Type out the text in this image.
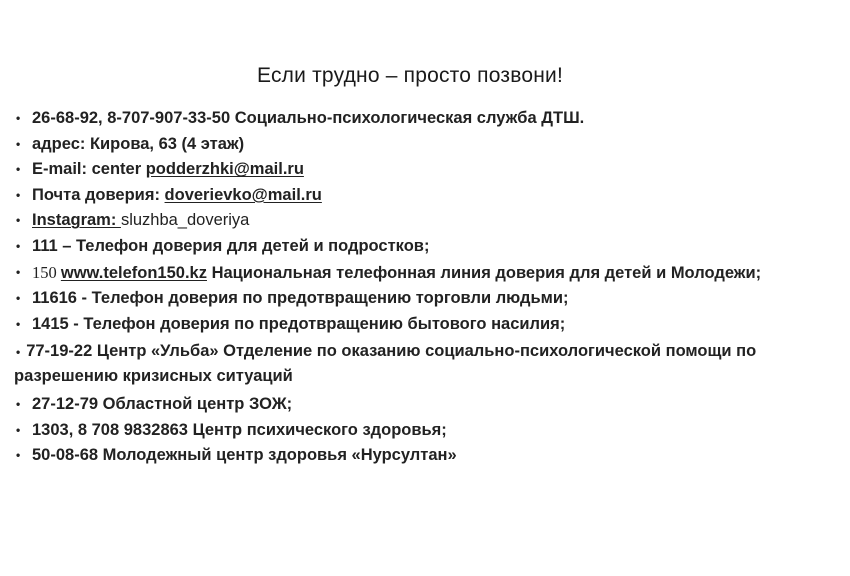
Если трудно – просто позвони!
• 26-68-92, 8-707-907-33-50 Социально-психологическая служба ДТШ.
• адрес: Кирова, 63 (4 этаж)
• E-mail: center podderzhki@mail.ru
• Почта доверия: doverievko@mail.ru
• Instagram: sluzhba_doveriya
• 111 – Телефон доверия для детей и подростков;
• 150 www.telefon150.kz Национальная телефонная линия доверия для детей и Молодежи;
• 11616 - Телефон доверия по предотвращению торговли людьми;
• 1415 - Телефон доверия по предотвращению бытового насилия;
• 77-19-22 Центр «Ульба» Отделение по оказанию социально-психологической помощи по разрешению кризисных ситуаций
• 27-12-79 Областной центр ЗОЖ;
• 1303, 8 708 9832863 Центр психического здоровья;
• 50-08-68 Молодежный центр здоровья «Нурсултан»
